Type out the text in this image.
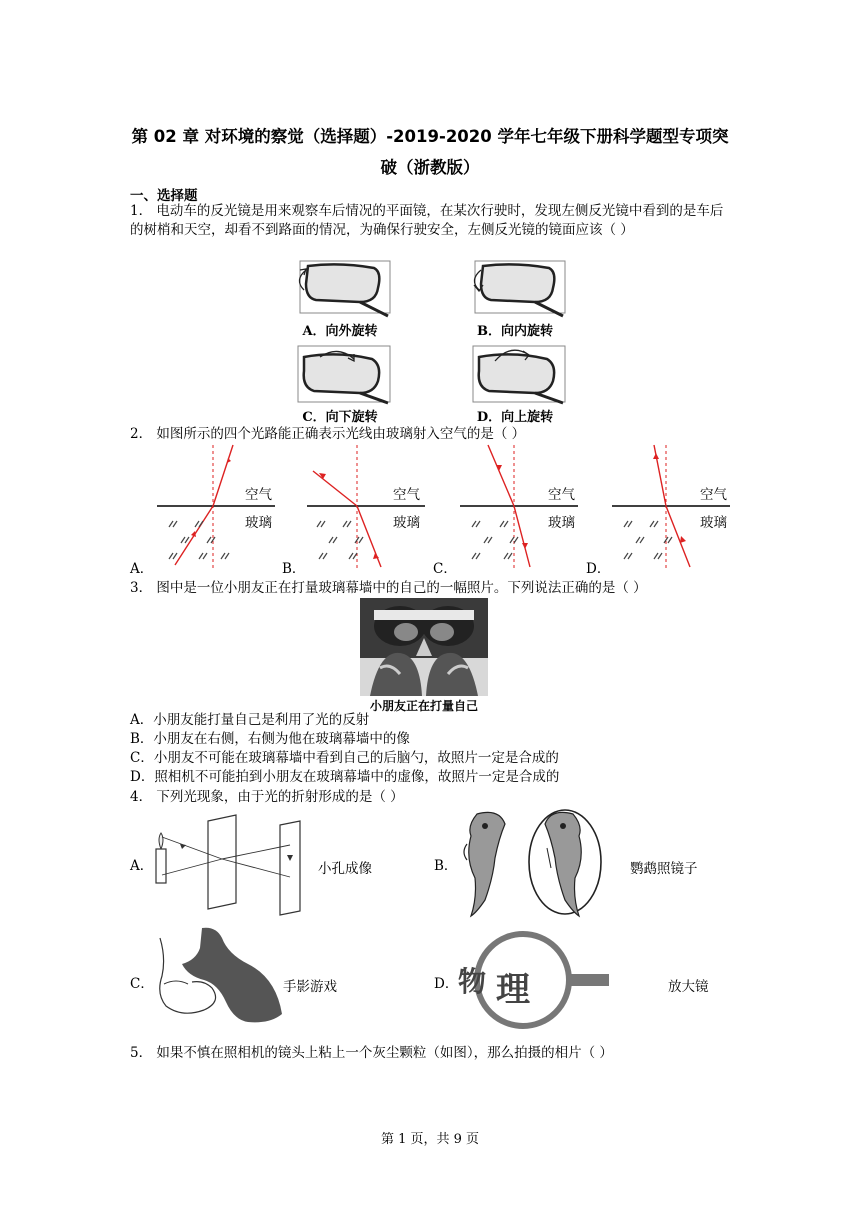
第 02 章 对环境的察觉（选择题）-2019-2020 学年七年级下册科学题型专项突
破（浙教版）
一、选择题
1． 电动车的反光镜是用来观察车后情况的平面镜，在某次行驶时，发现左侧反光镜中看到的是车后的树梢和天空，却看不到路面的情况，为确保行驶安全，左侧反光镜的镜面应该（ ）
A．向外旋转	B．向内旋转
C．向下旋转	D．向上旋转
2． 如图所示的四个光路能正确表示光线由玻璃射入空气的是（ ）
空气
玻璃
空气
玻璃
空气
玻璃
空气
玻璃
A．	B．	C．	D．
3． 图中是一位小朋友正在打量玻璃幕墙中的自己的一幅照片。下列说法正确的是（ ）
小朋友正在打量自己
A．小朋友能打量自己是利用了光的反射
B．小朋友在右侧，右侧为他在玻璃幕墙中的像
C．小朋友不可能在玻璃幕墙中看到自己的后脑勺，故照片一定是合成的
D．照相机不可能拍到小朋友在玻璃幕墙中的虚像，故照片一定是合成的
4． 下列光现象，由于光的折射形成的是（ ）
A．	小孔成像	B．	鹦鹉照镜子
C．	手影游戏	D． 物 理	放大镜
5． 如果不慎在照相机的镜头上粘上一个灰尘颗粒（如图），那么拍摄的相片（ ）
第 1 页，共 9 页
